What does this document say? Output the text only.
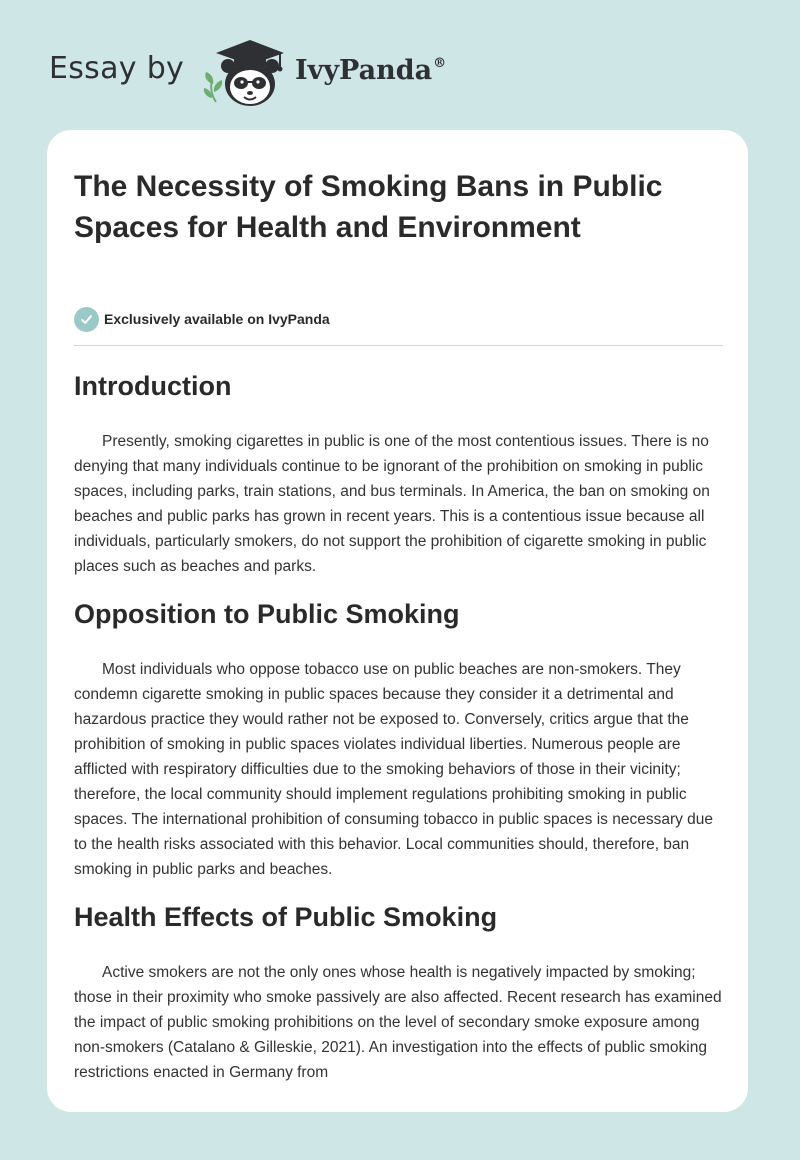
Essay by	IvyPanda®
The Necessity of Smoking Bans in Public Spaces for Health and Environment
Exclusively available on IvyPanda
Introduction

Presently, smoking cigarettes in public is one of the most contentious issues. There is no denying that many individuals continue to be ignorant of the prohibition on smoking in public spaces, including parks, train stations, and bus terminals. In America, the ban on smoking on beaches and public parks has grown in recent years. This is a contentious issue because all individuals, particularly smokers, do not support the prohibition of cigarette smoking in public places such as beaches and parks.

Opposition to Public Smoking

Most individuals who oppose tobacco use on public beaches are non-smokers. They condemn cigarette smoking in public spaces because they consider it a detrimental and hazardous practice they would rather not be exposed to. Conversely, critics argue that the prohibition of smoking in public spaces violates individual liberties. Numerous people are afflicted with respiratory difficulties due to the smoking behaviors of those in their vicinity; therefore, the local community should implement regulations prohibiting smoking in public spaces. The international prohibition of consuming tobacco in public spaces is necessary due to the health risks associated with this behavior. Local communities should, therefore, ban smoking in public parks and beaches.

Health Effects of Public Smoking

Active smokers are not the only ones whose health is negatively impacted by smoking; those in their proximity who smoke passively are also affected. Recent research has examined the impact of public smoking prohibitions on the level of secondary smoke exposure among non-smokers (Catalano & Gilleskie, 2021). An investigation into the effects of public smoking restrictions enacted in Germany from
